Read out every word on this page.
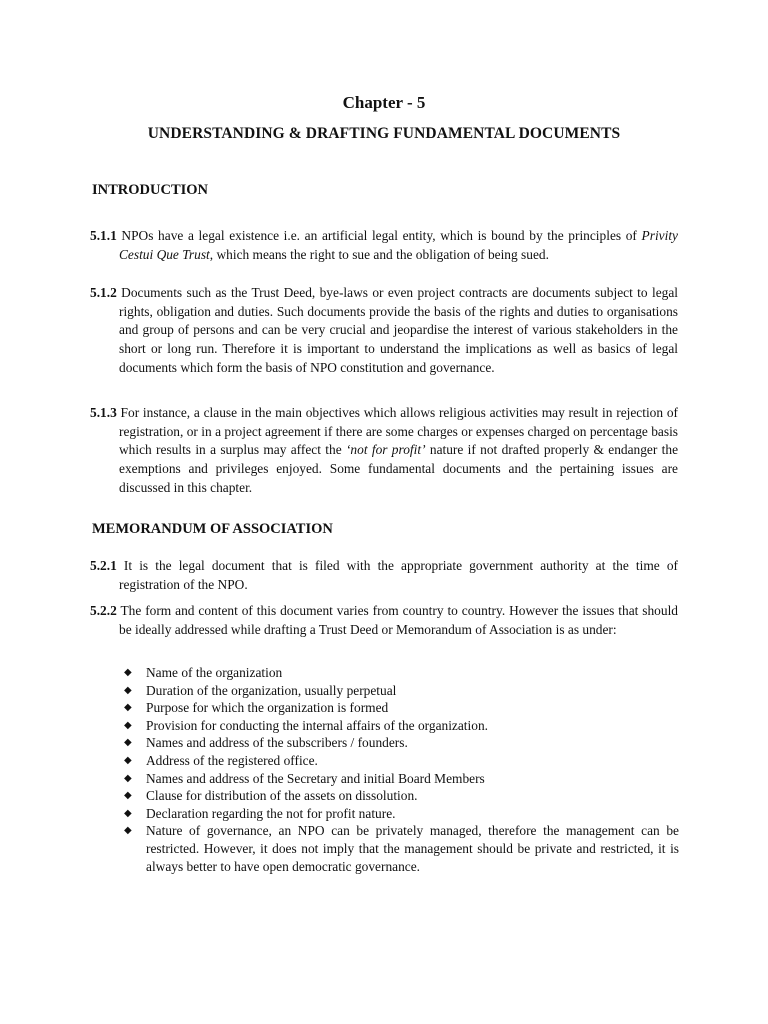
Chapter - 5
UNDERSTANDING & DRAFTING FUNDAMENTAL DOCUMENTS
INTRODUCTION
5.1.1 NPOs have a legal existence i.e. an artificial legal entity, which is bound by the principles of Privity Cestui Que Trust, which means the right to sue and the obligation of being sued.
5.1.2 Documents such as the Trust Deed, bye-laws or even project contracts are documents subject to legal rights, obligation and duties. Such documents provide the basis of the rights and duties to organisations and group of persons and can be very crucial and jeopardise the interest of various stakeholders in the short or long run. Therefore it is important to understand the implications as well as basics of legal documents which form the basis of NPO constitution and governance.
5.1.3 For instance, a clause in the main objectives which allows religious activities may result in rejection of registration, or in a project agreement if there are some charges or expenses charged on percentage basis which results in a surplus may affect the ‘not for profit’ nature if not drafted properly & endanger the exemptions and privileges enjoyed. Some fundamental documents and the pertaining issues are discussed in this chapter.
MEMORANDUM OF ASSOCIATION
5.2.1 It is the legal document that is filed with the appropriate government authority at the time of registration of the NPO.
5.2.2 The form and content of this document varies from country to country. However the issues that should be ideally addressed while drafting a Trust Deed or Memorandum of Association is as under:
◆ Name of the organization
◆ Duration of the organization, usually perpetual
◆ Purpose for which the organization is formed
◆ Provision for conducting the internal affairs of the organization.
◆ Names and address of the subscribers / founders.
◆ Address of the registered office.
◆ Names and address of the Secretary and initial Board Members
◆ Clause for distribution of the assets on dissolution.
◆ Declaration regarding the not for profit nature.
◆ Nature of governance, an NPO can be privately managed, therefore the management can be restricted. However, it does not imply that the management should be private and restricted, it is always better to have open democratic governance.
